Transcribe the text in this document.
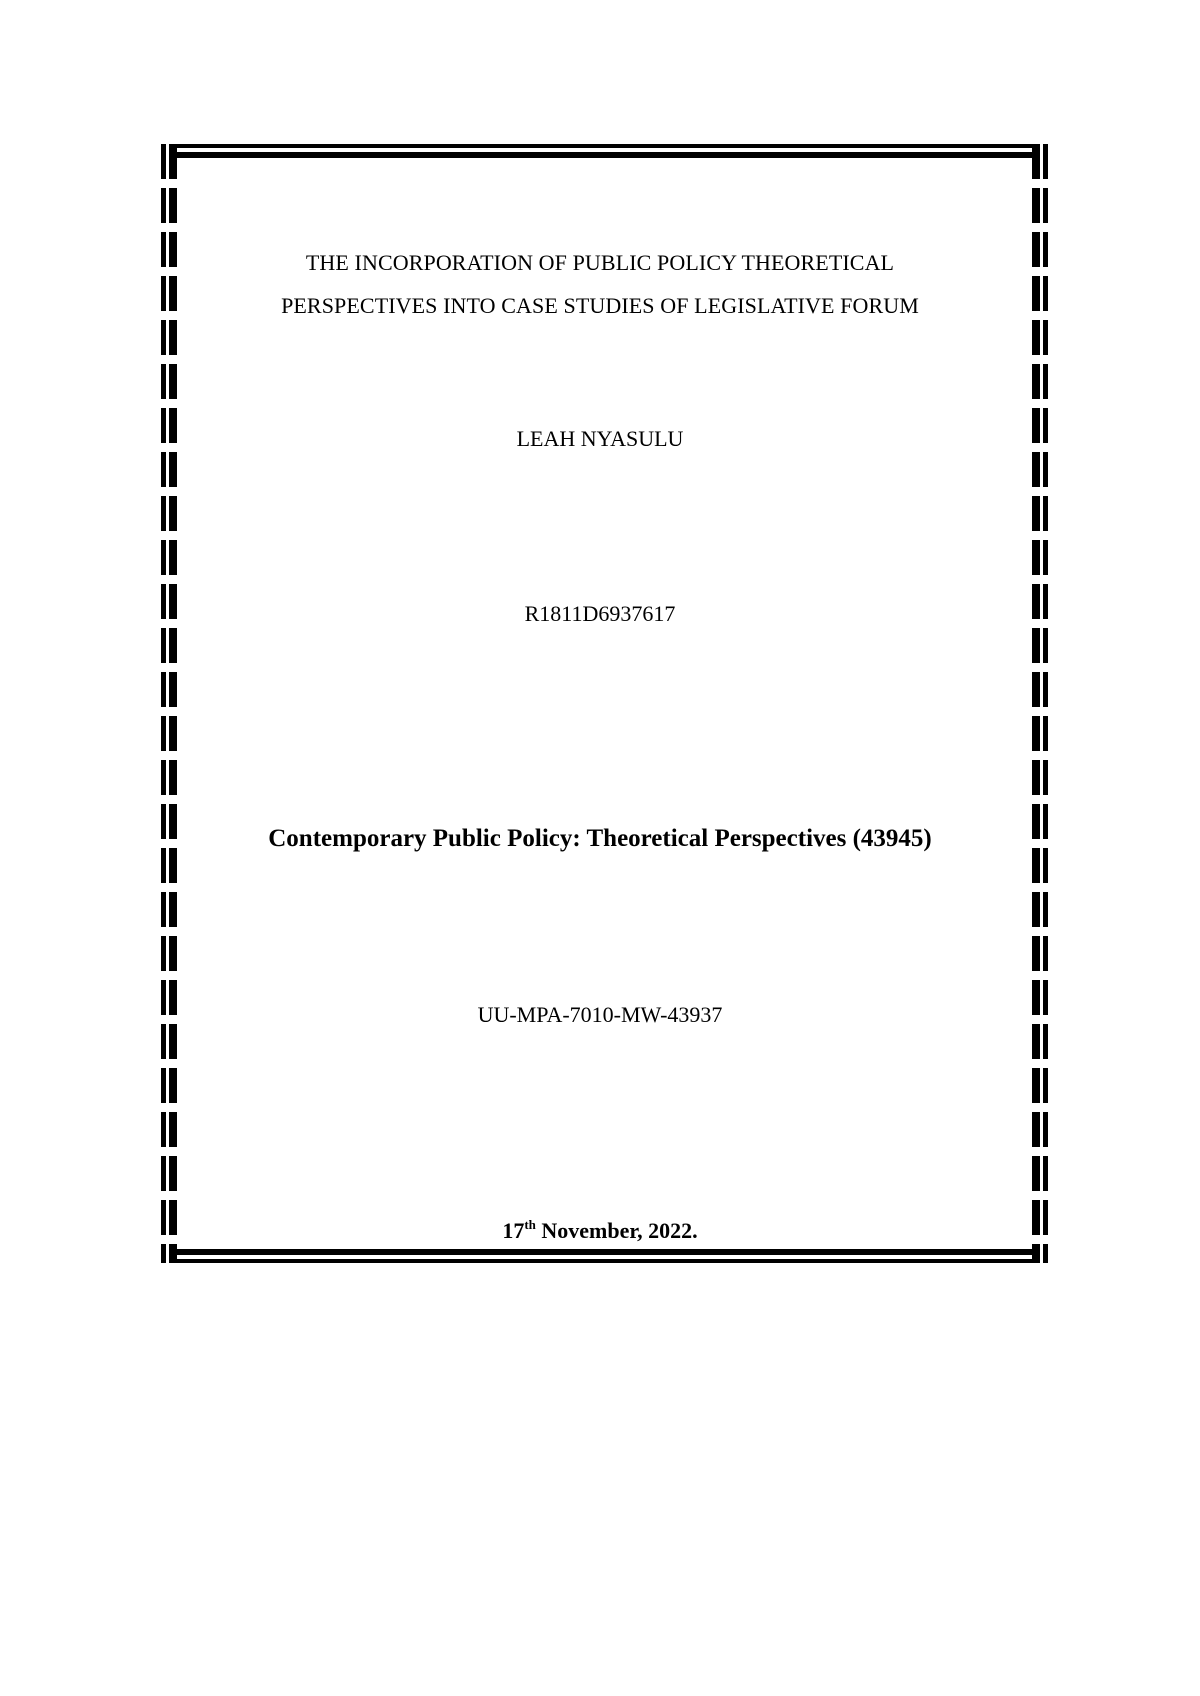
THE INCORPORATION OF PUBLIC POLICY THEORETICAL
PERSPECTIVES INTO CASE STUDIES OF LEGISLATIVE FORUM
LEAH NYASULU
R1811D6937617
Contemporary Public Policy: Theoretical Perspectives (43945)
UU-MPA-7010-MW-43937
17th November, 2022.
